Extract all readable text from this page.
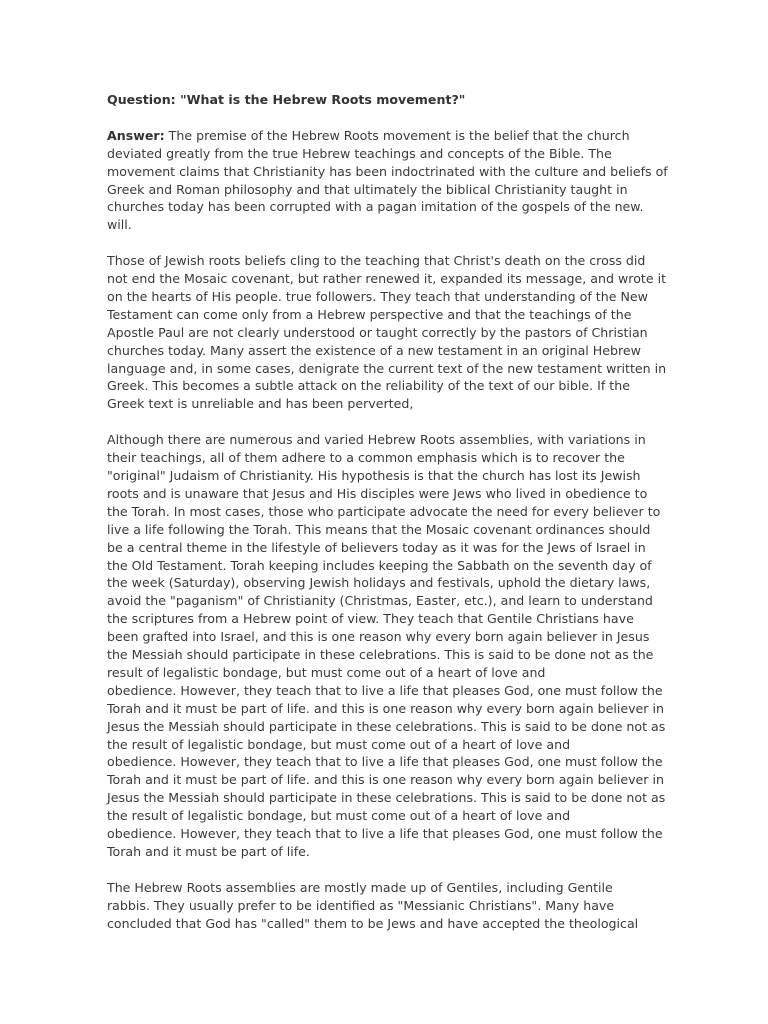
Question: "What is the Hebrew Roots movement?"
Answer: The premise of the Hebrew Roots movement is the belief that the church
deviated greatly from the true Hebrew teachings and concepts of the Bible. The
movement claims that Christianity has been indoctrinated with the culture and beliefs of
Greek and Roman philosophy and that ultimately the biblical Christianity taught in
churches today has been corrupted with a pagan imitation of the gospels of the new.
will.
Those of Jewish roots beliefs cling to the teaching that Christ's death on the cross did
not end the Mosaic covenant, but rather renewed it, expanded its message, and wrote it
on the hearts of His people. true followers. They teach that understanding of the New
Testament can come only from a Hebrew perspective and that the teachings of the
Apostle Paul are not clearly understood or taught correctly by the pastors of Christian
churches today. Many assert the existence of a new testament in an original Hebrew
language and, in some cases, denigrate the current text of the new testament written in
Greek. This becomes a subtle attack on the reliability of the text of our bible. If the
Greek text is unreliable and has been perverted,
Although there are numerous and varied Hebrew Roots assemblies, with variations in
their teachings, all of them adhere to a common emphasis which is to recover the
"original" Judaism of Christianity. His hypothesis is that the church has lost its Jewish
roots and is unaware that Jesus and His disciples were Jews who lived in obedience to
the Torah. In most cases, those who participate advocate the need for every believer to
live a life following the Torah. This means that the Mosaic covenant ordinances should
be a central theme in the lifestyle of believers today as it was for the Jews of Israel in
the Old Testament. Torah keeping includes keeping the Sabbath on the seventh day of
the week (Saturday), observing Jewish holidays and festivals, uphold the dietary laws,
avoid the "paganism" of Christianity (Christmas, Easter, etc.), and learn to understand
the scriptures from a Hebrew point of view. They teach that Gentile Christians have
been grafted into Israel, and this is one reason why every born again believer in Jesus
the Messiah should participate in these celebrations. This is said to be done not as the
result of legalistic bondage, but must come out of a heart of love and
obedience. However, they teach that to live a life that pleases God, one must follow the
Torah and it must be part of life. and this is one reason why every born again believer in
Jesus the Messiah should participate in these celebrations. This is said to be done not as
the result of legalistic bondage, but must come out of a heart of love and
obedience. However, they teach that to live a life that pleases God, one must follow the
Torah and it must be part of life. and this is one reason why every born again believer in
Jesus the Messiah should participate in these celebrations. This is said to be done not as
the result of legalistic bondage, but must come out of a heart of love and
obedience. However, they teach that to live a life that pleases God, one must follow the
Torah and it must be part of life.
The Hebrew Roots assemblies are mostly made up of Gentiles, including Gentile
rabbis. They usually prefer to be identified as "Messianic Christians". Many have
concluded that God has "called" them to be Jews and have accepted the theological
